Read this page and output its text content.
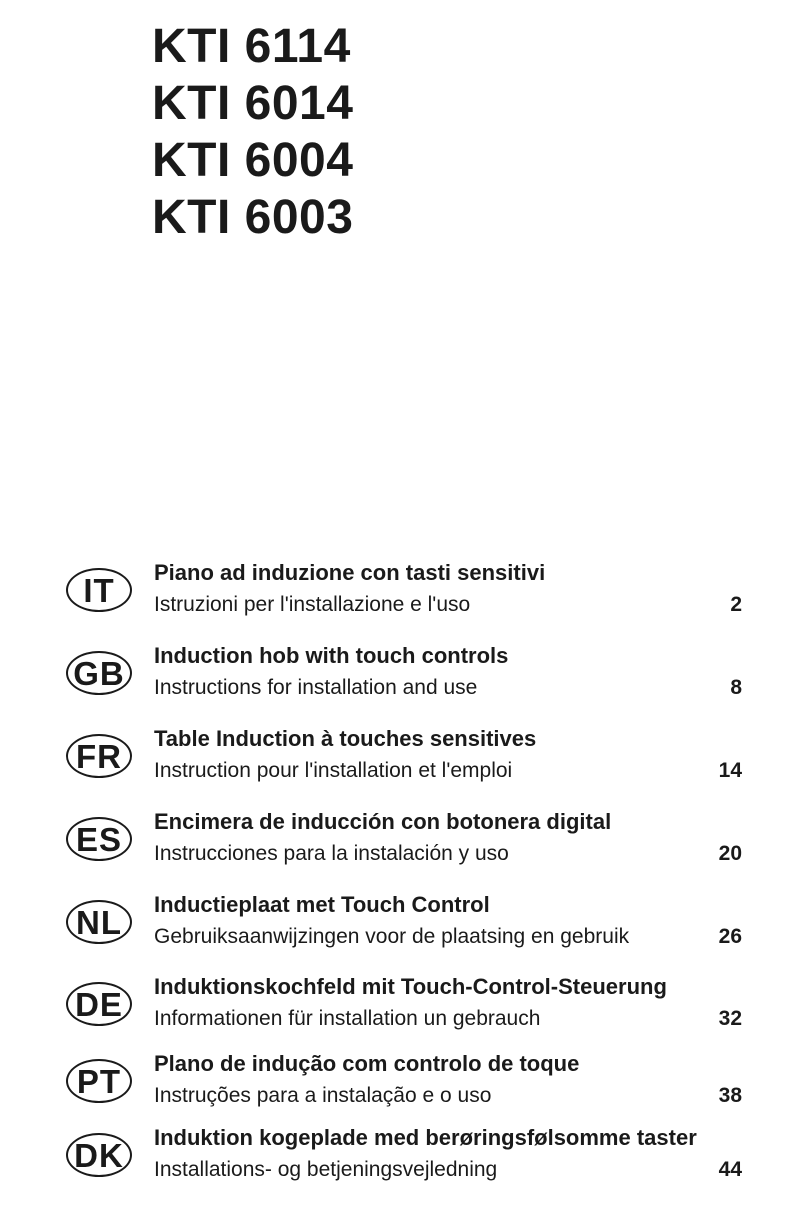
KTI 6114
KTI 6014
KTI 6004
KTI 6003
IT Piano ad induzione con tasti sensitivi
Istruzioni per l'installazione e l'uso	2
GB Induction hob with touch controls
Instructions for installation and use	8
FR Table Induction à touches sensitives
Instruction pour l'installation et l'emploi	14
ES Encimera de inducción con botonera digital
Instrucciones para la instalación y uso	20
NL Inductieplaat met Touch Control
Gebruiksaanwijzingen voor de plaatsing en gebruik	26
DE Induktionskochfeld mit Touch-Control-Steuerung
Informationen für installation un gebrauch	32
PT Plano de indução com controlo de toque
Instruções para a instalação e o uso	38
DK Induktion kogeplade med berøringsfølsomme taster
Installations- og betjeningsvejledning	44
